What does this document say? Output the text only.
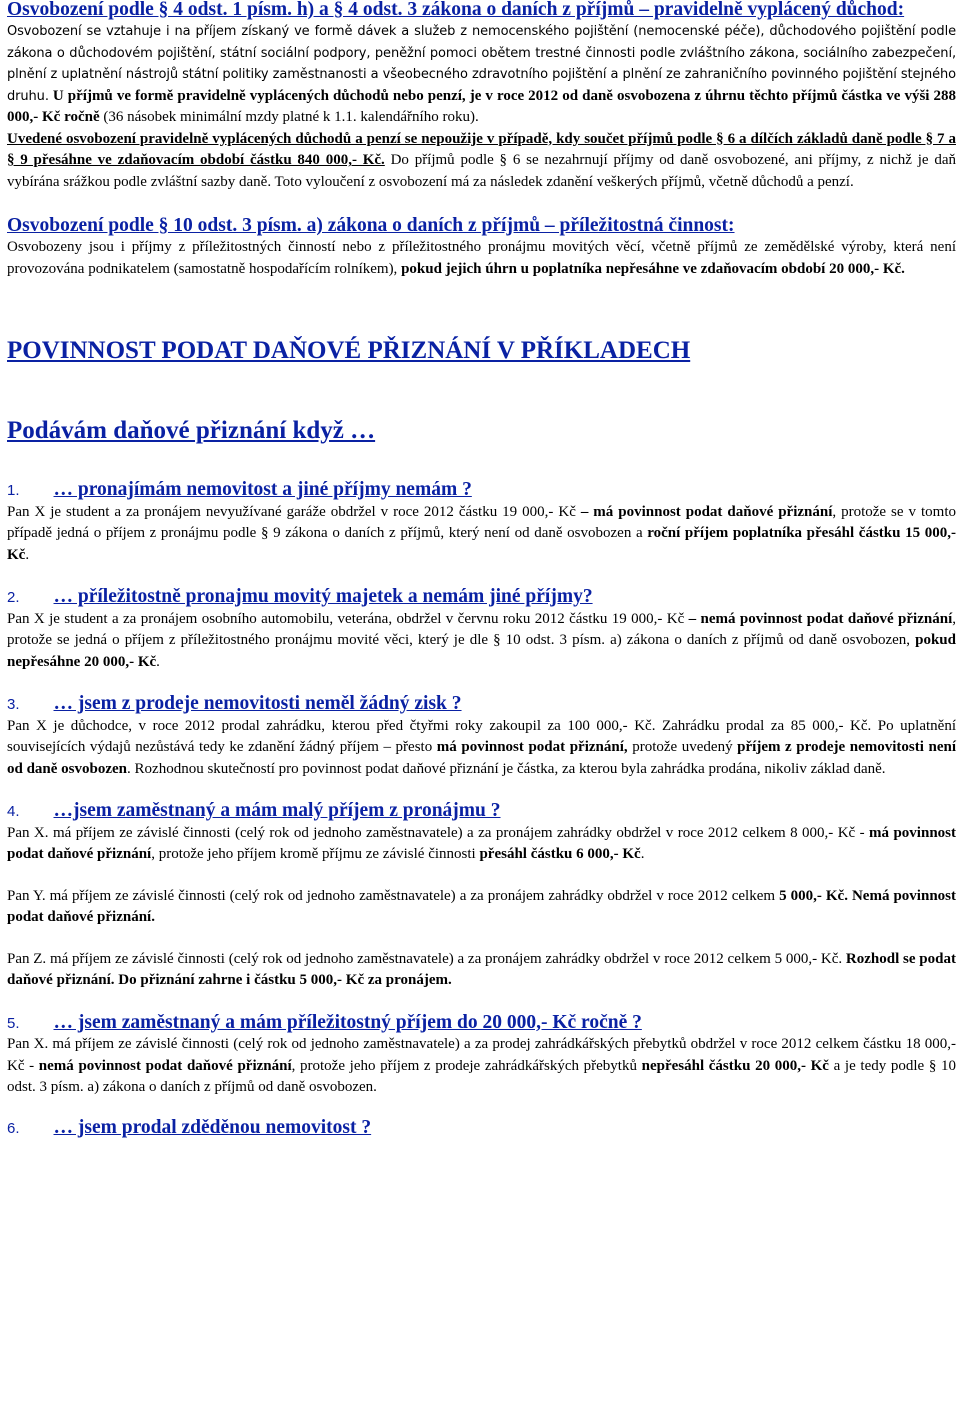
Osvobození podle § 4 odst. 1 písm. h) a § 4 odst. 3 zákona o daních z příjmů – pravidelně vyplácený důchod:

Osvobození se vztahuje i na příjem získaný ve formě dávek a služeb z nemocenského pojištění (nemocenské péče), důchodového pojištění podle zákona o důchodovém pojištění, státní sociální podpory, peněžní pomoci obětem trestné činnosti podle zvláštního zákona, sociálního zabezpečení, plnění z uplatnění nástrojů státní politiky zaměstnanosti a všeobecného zdravotního pojištění a plnění ze zahraničního povinného pojištění stejného druhu. U příjmů ve formě pravidelně vyplácených důchodů nebo penzí, je v roce 2012 od daně osvobozena z úhrnu těchto příjmů částka ve výši 288 000,- Kč ročně (36 násobek minimální mzdy platné k 1.1. kalendářního roku).

Uvedené osvobození pravidelně vyplácených důchodů a penzí se nepoužije v případě, kdy součet příjmů podle § 6 a dílčích základů daně podle § 7 a § 9 přesáhne ve zdaňovacím období částku 840 000,- Kč. Do příjmů podle § 6 se nezahrnují příjmy od daně osvobozené, ani příjmy, z nichž je daň vybírána srážkou podle zvláštní sazby daně. Toto vyloučení z osvobození má za následek zdanění veškerých příjmů, včetně důchodů a penzí.

Osvobození podle § 10 odst. 3 písm. a) zákona o daních z příjmů – příležitostná činnost:

Osvobozeny jsou i příjmy z příležitostných činností nebo z příležitostného pronájmu movitých věcí, včetně příjmů ze zemědělské výroby, která není provozována podnikatelem (samostatně hospodařícím rolníkem), pokud jejich úhrn u poplatníka nepřesáhne ve zdaňovacím období 20 000,- Kč.

POVINNOST PODAT DAŇOVÉ PŘIZNÁNÍ V PŘÍKLADECH
Podávám daňové přiznání když …
1. … pronajímám nemovitost a jiné příjmy nemám ?

Pan X je student a za pronájem nevyužívané garáže obdržel v roce 2012 částku 19 000,- Kč – má povinnost podat daňové přiznání, protože se v tomto případě jedná o příjem z pronájmu podle § 9 zákona o daních z příjmů, který není od daně osvobozen a roční příjem poplatníka přesáhl částku 15 000,- Kč.

2. … příležitostně pronajmu movitý majetek a nemám jiné příjmy?

Pan X je student a za pronájem osobního automobilu, veterána, obdržel v červnu roku 2012 částku 19 000,- Kč – nemá povinnost podat daňové přiznání, protože se jedná o příjem z příležitostného pronájmu movité věci, který je dle § 10 odst. 3 písm. a) zákona o daních z příjmů od daně osvobozen, pokud nepřesáhne 20 000,- Kč.

3. … jsem z prodeje nemovitosti neměl žádný zisk ?

Pan X je důchodce, v roce 2012 prodal zahrádku, kterou před čtyřmi roky zakoupil za 100 000,- Kč. Zahrádku prodal za 85 000,- Kč. Po uplatnění souvisejících výdajů nezůstává tedy ke zdanění žádný příjem – přesto má povinnost podat přiznání, protože uvedený příjem z prodeje nemovitosti není od daně osvobozen. Rozhodnou skutečností pro povinnost podat daňové přiznání je částka, za kterou byla zahrádka prodána, nikoliv základ daně.

4. …jsem zaměstnaný a mám malý příjem z pronájmu ?

Pan X. má příjem ze závislé činnosti (celý rok od jednoho zaměstnavatele) a za pronájem zahrádky obdržel v roce 2012 celkem 8 000,- Kč - má povinnost podat daňové přiznání, protože jeho příjem kromě příjmu ze závislé činnosti přesáhl částku 6 000,- Kč.

Pan Y. má příjem ze závislé činnosti (celý rok od jednoho zaměstnavatele) a za pronájem zahrádky obdržel v roce 2012 celkem 5 000,- Kč. Nemá povinnost podat daňové přiznání.

Pan Z. má příjem ze závislé činnosti (celý rok od jednoho zaměstnavatele) a za pronájem zahrádky obdržel v roce 2012 celkem 5 000,- Kč. Rozhodl se podat daňové přiznání. Do přiznání zahrne i částku 5 000,- Kč za pronájem.

5. … jsem zaměstnaný a mám příležitostný příjem do 20 000,- Kč ročně ?

Pan X. má příjem ze závislé činnosti (celý rok od jednoho zaměstnavatele) a za prodej zahrádkářských přebytků obdržel v roce 2012 celkem částku 18 000,- Kč - nemá povinnost podat daňové přiznání, protože jeho příjem z prodeje zahrádkářských přebytků nepřesáhl částku 20 000,- Kč a je tedy podle § 10 odst. 3 písm. a) zákona o daních z příjmů od daně osvobozen.

6. … jsem prodal zděděnou nemovitost ?
